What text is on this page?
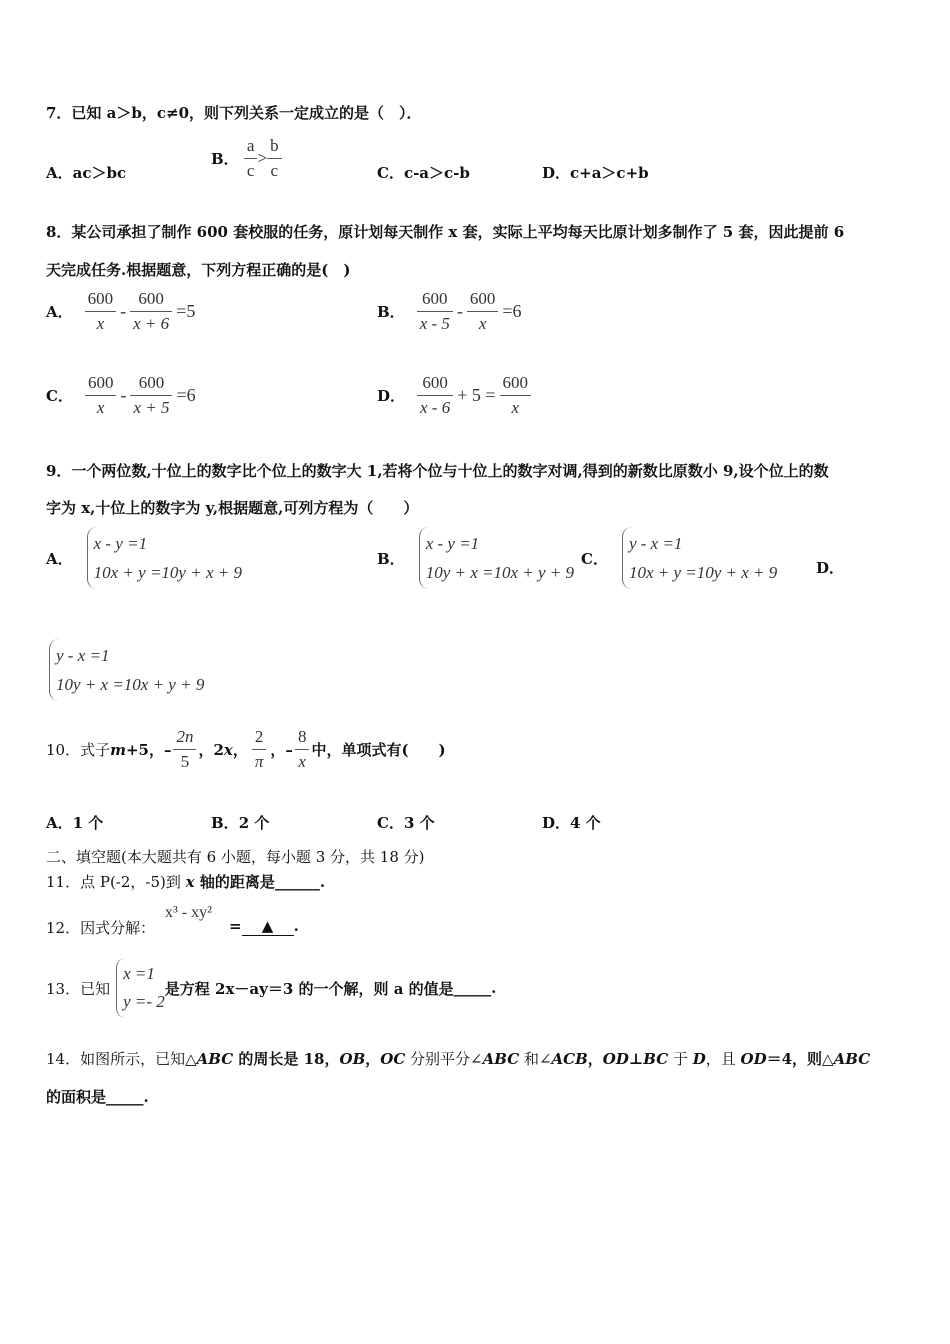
7．已知 a＞b，c≠0，则下列关系一定成立的是（　）．
A．ac＞bc
B． $\frac{a}{c} > \frac{b}{c}$	C．c-a＞c-b	D．c+a＞c+b
8．某公司承担了制作 600 套校服的任务，原计划每天制作 x 套，实际上平均每天比原计划多制作了 5 套，因此提前 6
天完成任务.根据题意，下列方程正确的是(　)
A． $\frac{600}{x} - \frac{600}{x + 6} =5$	B． $\frac{600}{x - 5} - \frac{600}{x} =6$
C． $\frac{600}{x} - \frac{600}{x + 5} =6$	D． $\frac{600}{x - 6} + 5 = \frac{600}{x}$
9．一个两位数,十位上的数字比个位上的数字大 1,若将个位与十位上的数字对调,得到的新数比原数小 9,设个位上的数
字为 x,十位上的数字为 y,根据题意,可列方程为（　　）
A．
x - y =1
10x + y =10y + x + 9
B．
x - y =1
10y + x =10x + y + 9
C．
y - x =1
10x + y =10y + x + 9	D．
y - x =1
10y + x =10x + y + 9
10．式子 m +5，– $\frac{2n}{5}$ ，2 x ， $\frac{2}{\pi}$ ，– $\frac{8}{x}$ 中，单项式有(　　)
A．1 个	B．2 个	C．3 个	D．4 个
二、填空题(本大题共有 6 小题，每小题 3 分，共 18 分)
11．点 P(-2，-5)到 x 轴的距离是______.
12．因式分解：
x³ - xy²
= ▲ .
13．已知
x =1
y =- 2
是方程 2x－ay＝3 的一个解，则 a 的值是 _____ .
14．如图所示，已知△ABC 的周长是 18，OB，OC 分别平分∠ABC 和∠ACB，OD⊥BC 于 D，且 OD＝4，则△ABC
的面积是_____.
